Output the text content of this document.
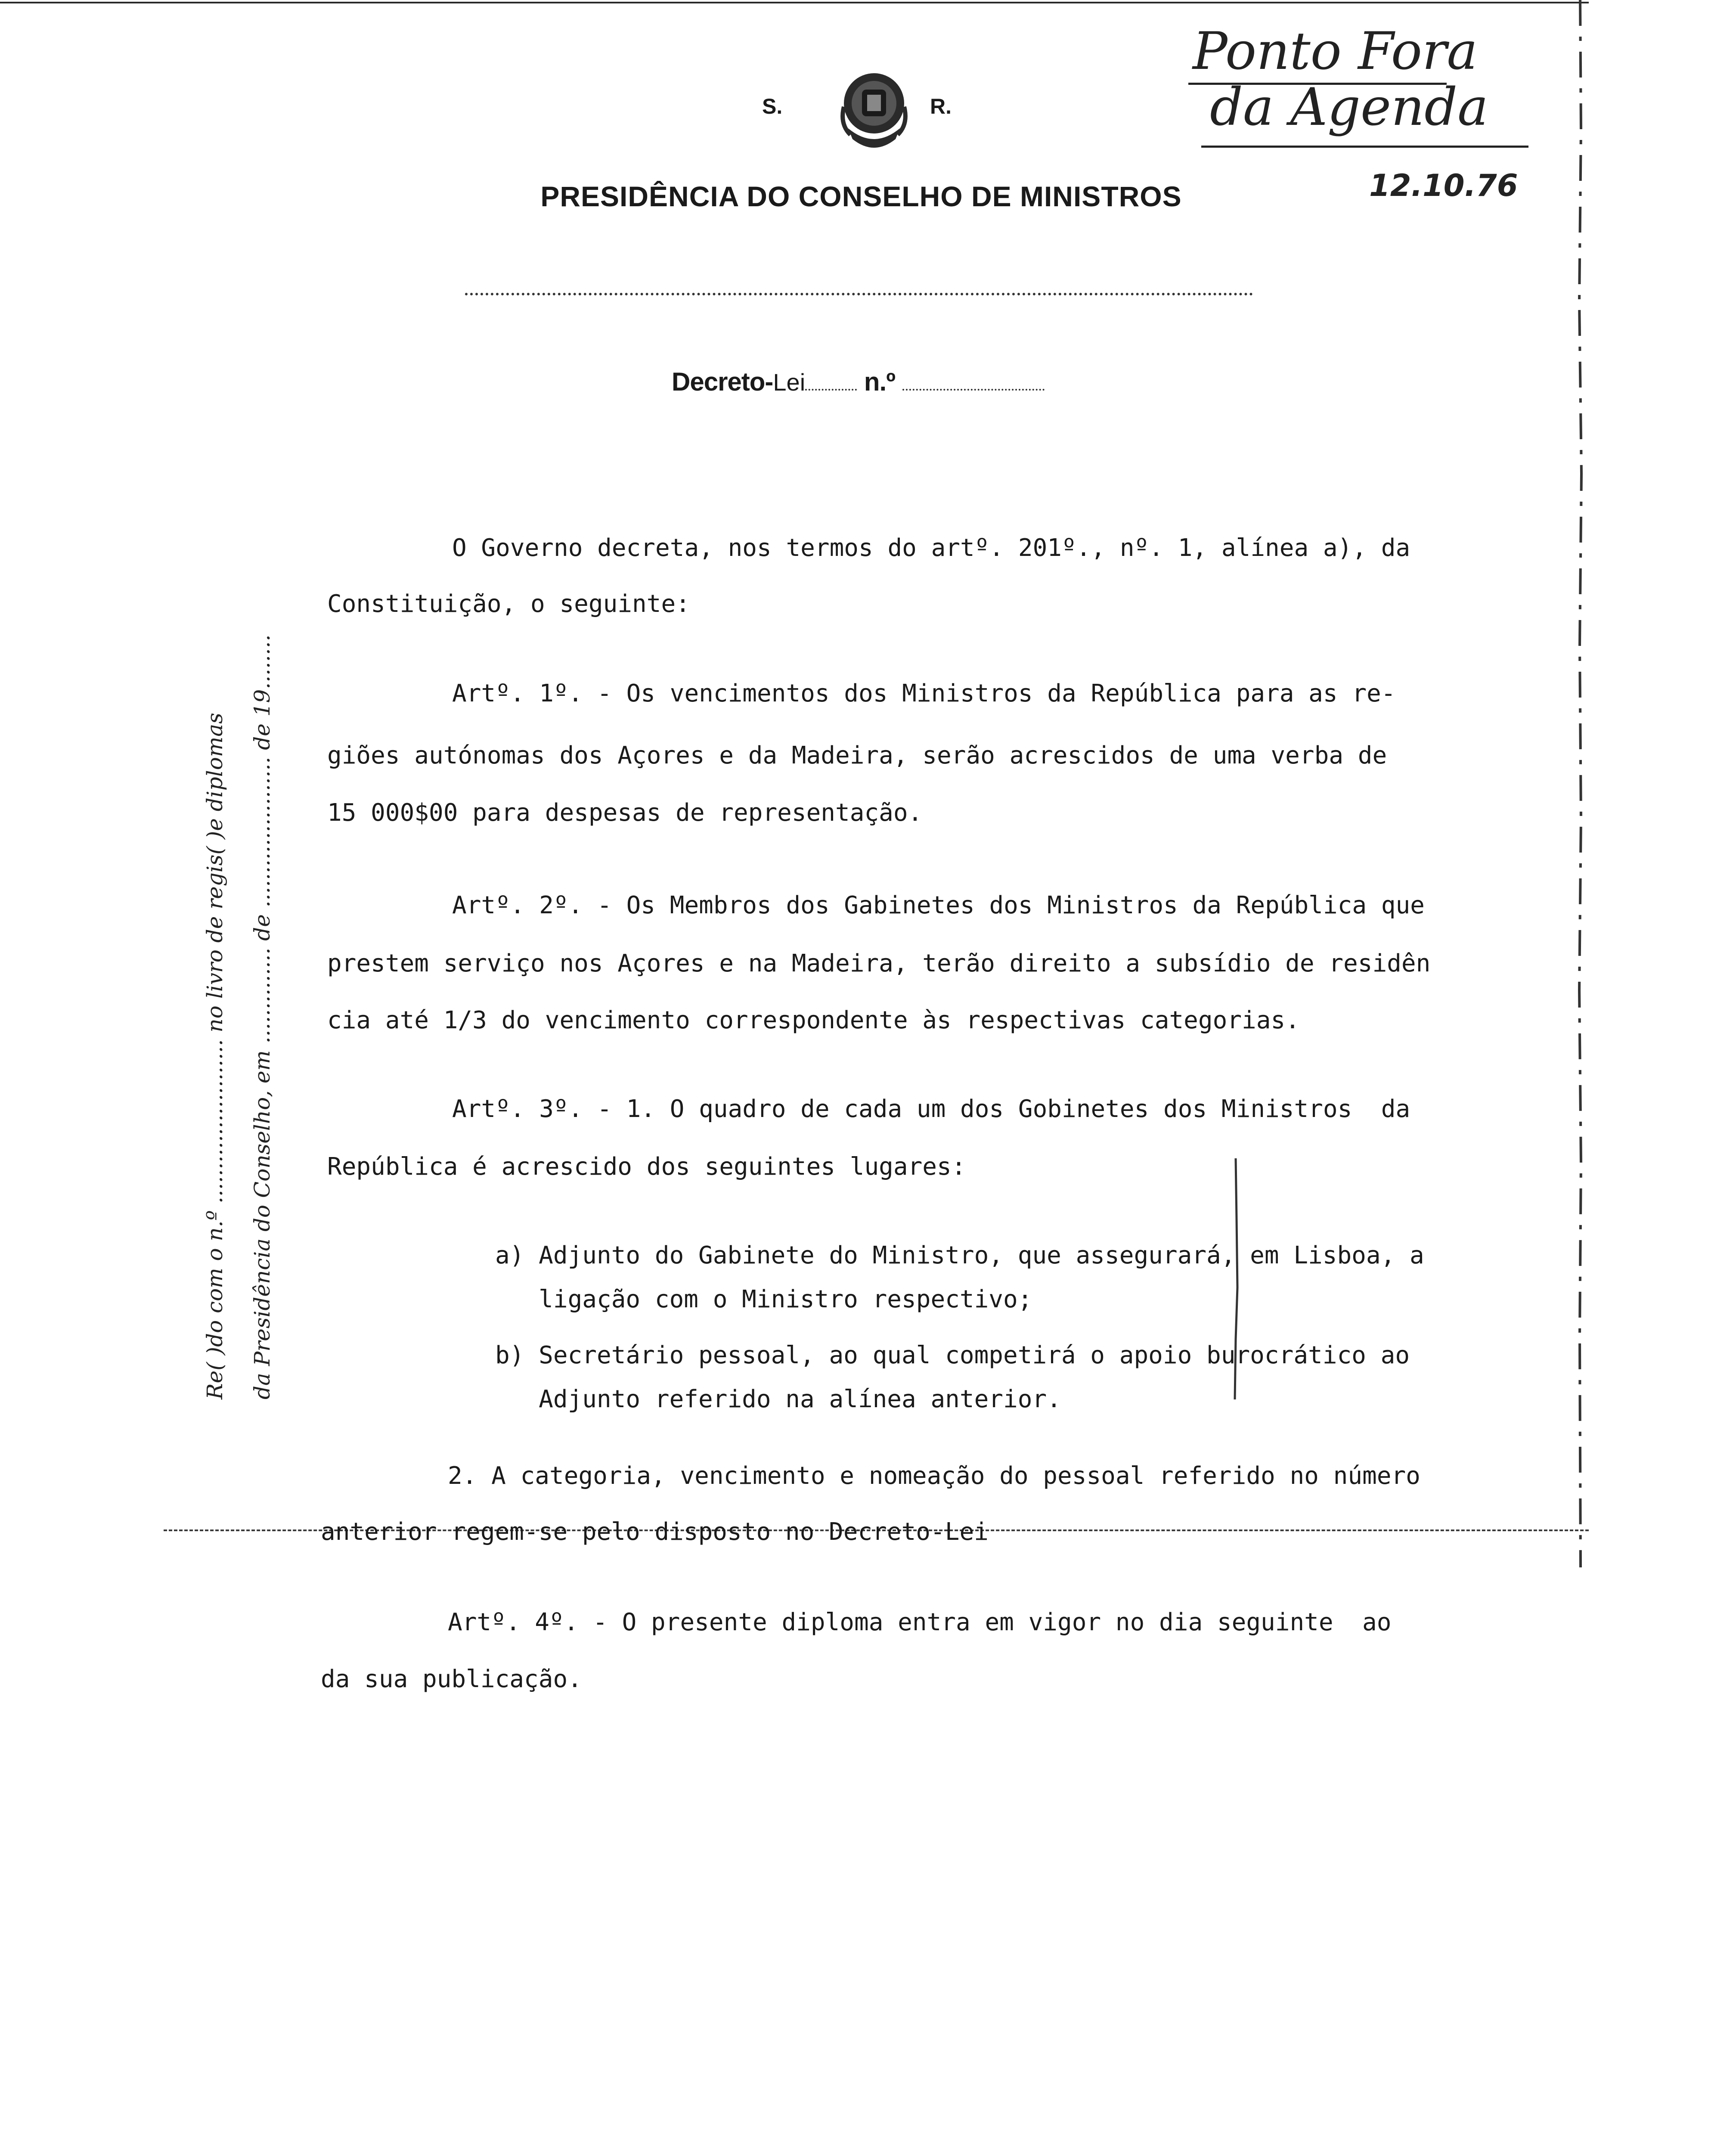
S.	R.
PRESIDÊNCIA DO CONSELHO DE MINISTROS
Ponto Fora
da Agenda
12.10.76
Decreto-Lei n.º
Re( )do com o n.º ........................ no livro de regis( )e diplomas da Presidência do Conselho, em .............. de ...................... de 19........
O Governo decreta, nos termos do artº. 201º., nº. 1, alínea a), da
Constituição, o seguinte:
Artº. 1º. - Os vencimentos dos Ministros da República para as re-
giões autónomas dos Açores e da Madeira, serão acrescidos de uma verba de
15 000$00 para despesas de representação.
Artº. 2º. - Os Membros dos Gabinetes dos Ministros da República que
prestem serviço nos Açores e na Madeira, terão direito a subsídio de residên
cia até 1/3 do vencimento correspondente às respectivas categorias.
Artº. 3º. - 1. O quadro de cada um dos Gobinetes dos Ministros  da
República é acrescido dos seguintes lugares:
a) Adjunto do Gabinete do Ministro, que assegurará, em Lisboa, a
ligação com o Ministro respectivo;
b) Secretário pessoal, ao qual competirá o apoio burocrático ao
Adjunto referido na alínea anterior.
2. A categoria, vencimento e nomeação do pessoal referido no número
anterior regem-se pelo disposto no Decreto-Lei
Artº. 4º. - O presente diploma entra em vigor no dia seguinte  ao
da sua publicação.
